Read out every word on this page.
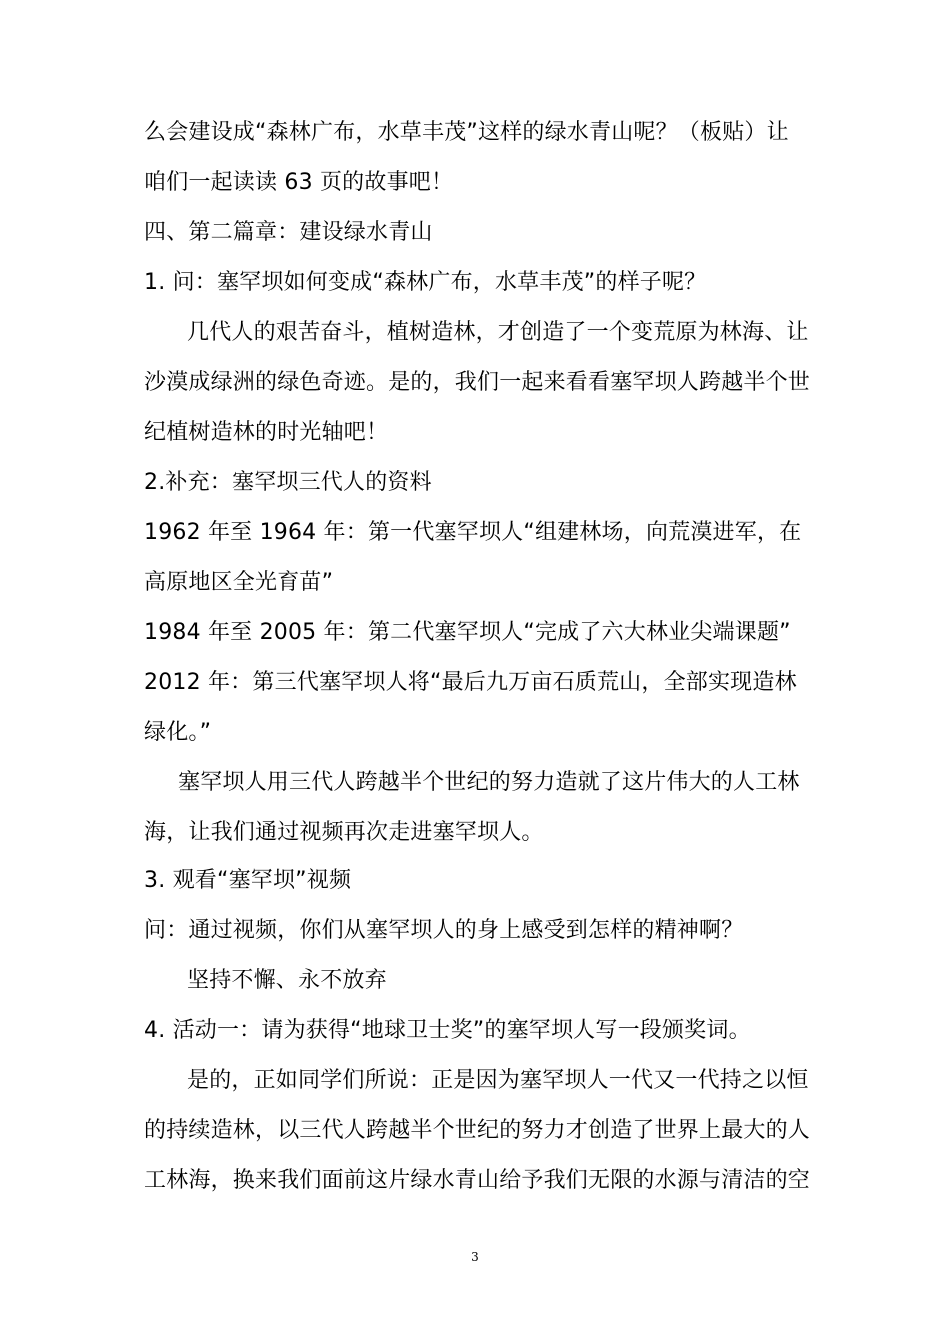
么会建设成“森林广布，水草丰茂”这样的绿水青山呢？（板贴）让
咱们一起读读 63 页的故事吧！
四、第二篇章：建设绿水青山
1. 问：塞罕坝如何变成“森林广布，水草丰茂”的样子呢？
几代人的艰苦奋斗，植树造林，才创造了一个变荒原为林海、让
沙漠成绿洲的绿色奇迹。是的，我们一起来看看塞罕坝人跨越半个世
纪植树造林的时光轴吧！
2.补充：塞罕坝三代人的资料
1962 年至 1964 年：第一代塞罕坝人“组建林场，向荒漠进军，在
高原地区全光育苗”
1984 年至 2005 年：第二代塞罕坝人“完成了六大林业尖端课题”
2012 年：第三代塞罕坝人将“最后九万亩石质荒山，全部实现造林
绿化。”
塞罕坝人用三代人跨越半个世纪的努力造就了这片伟大的人工林
海，让我们通过视频再次走进塞罕坝人。
3. 观看“塞罕坝”视频
问：通过视频，你们从塞罕坝人的身上感受到怎样的精神啊？
坚持不懈、永不放弃
4. 活动一：请为获得“地球卫士奖”的塞罕坝人写一段颁奖词。
是的，正如同学们所说：正是因为塞罕坝人一代又一代持之以恒
的持续造林，以三代人跨越半个世纪的努力才创造了世界上最大的人
工林海，换来我们面前这片绿水青山给予我们无限的水源与清洁的空
3
